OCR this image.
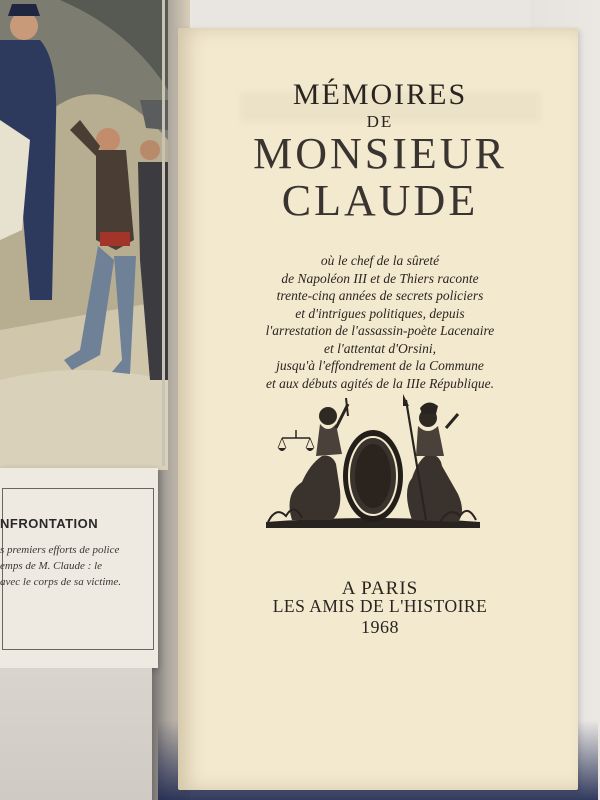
MÉMOIRES
DE
MONSIEUR
CLAUDE
où le chef de la sûreté
de Napoléon III et de Thiers raconte
trente-cinq années de secrets policiers
et d'intrigues politiques, depuis
l'arrestation de l'assassin-poète Lacenaire
et l'attentat d'Orsini,
jusqu'à l'effondrement de la Commune
et aux débuts agités de la IIIe République.
A PARIS
LES AMIS DE L'HISTOIRE
1968
NFRONTATION
s premiers efforts de police
emps de M. Claude : le
avec le corps de sa victime.
